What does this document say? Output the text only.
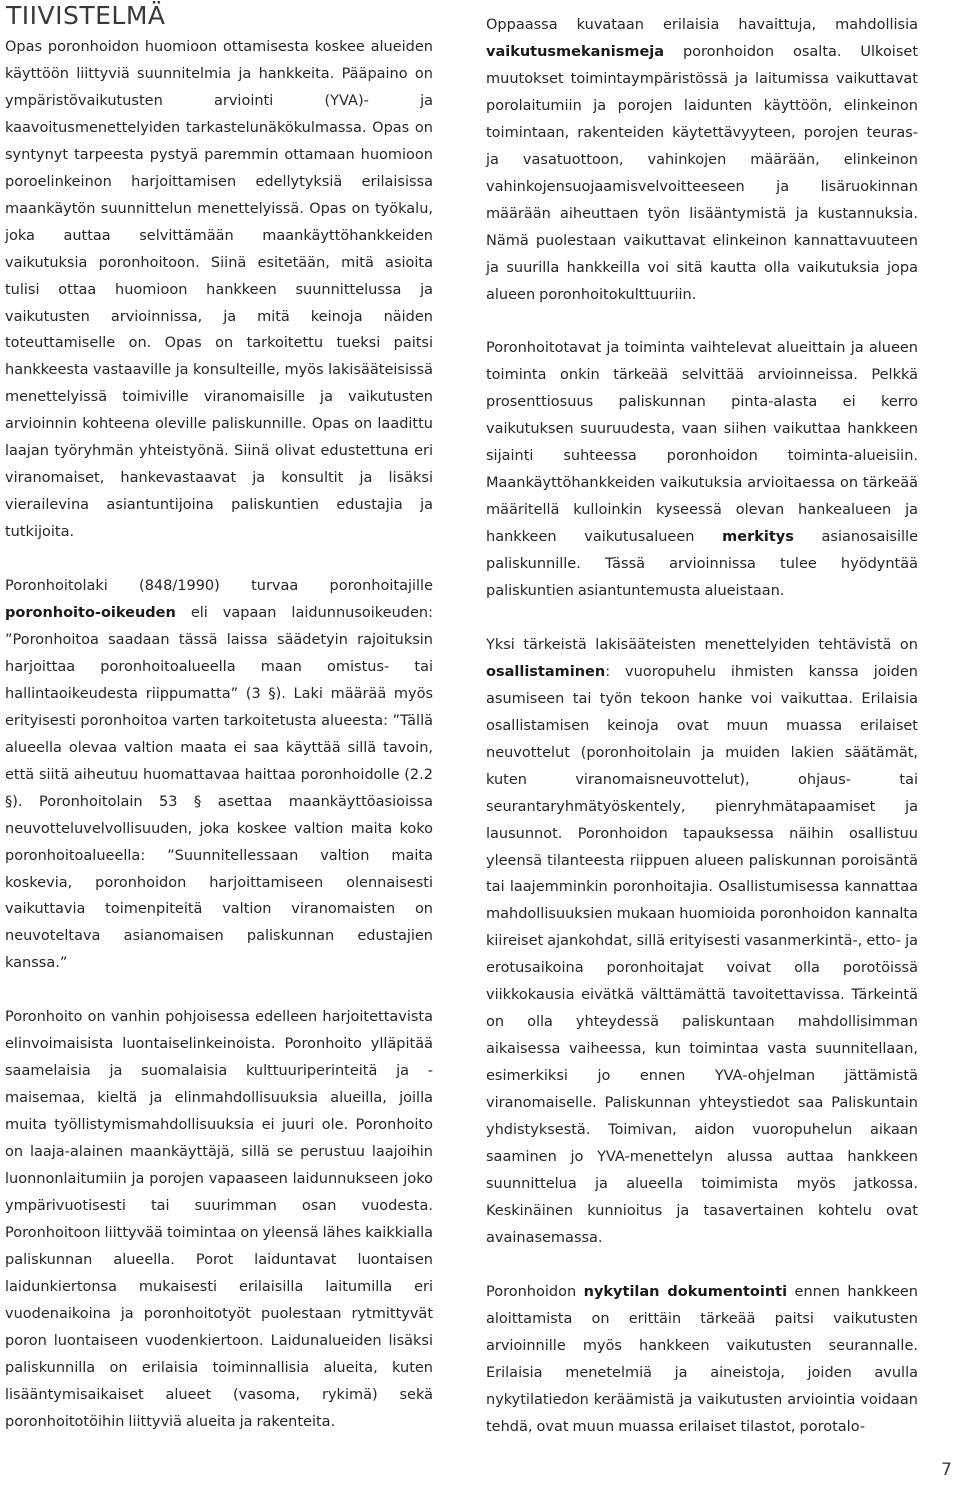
TIIVISTELMÄ

Opas poronhoidon huomioon ottamisesta koskee alueiden käyttöön liittyviä suunnitelmia ja hankkeita. Pääpaino on ympäristövaikutusten arviointi (YVA)- ja kaavoitusmenettelyiden tarkastelunäkökulmassa. Opas on syntynyt tarpeesta pystyä paremmin ottamaan huomioon poroelinkeinon harjoittamisen edellytyksiä erilaisissa maankäytön suunnittelun menettelyissä. Opas on työkalu, joka auttaa selvittämään maankäyttöhankkeiden vaikutuksia poronhoitoon. Siinä esitetään, mitä asioita tulisi ottaa huomioon hankkeen suunnittelussa ja vaikutusten arvioinnissa, ja mitä keinoja näiden toteuttamiselle on. Opas on tarkoitettu tueksi paitsi hankkeesta vastaaville ja konsulteille, myös lakisääteisissä menettelyissä toimiville viranomaisille ja vaikutusten arvioinnin kohteena oleville paliskunnille. Opas on laadittu laajan työryhmän yhteistyönä. Siinä olivat edustettuna eri viranomaiset, hankevastaavat ja konsultit ja lisäksi vierailevina asiantuntijoina paliskuntien edustajia ja tutkijoita.

Poronhoitolaki (848/1990) turvaa poronhoitajille poronhoito-oikeuden eli vapaan laidunnusoikeuden: ”Poronhoitoa saadaan tässä laissa säädetyin rajoituksin harjoittaa poronhoitoalueella maan omistus- tai hallintaoikeudesta riippumatta” (3 §). Laki määrää myös erityisesti poronhoitoa varten tarkoitetusta alueesta: ”Tällä alueella olevaa valtion maata ei saa käyttää sillä tavoin, että siitä aiheutuu huomattavaa haittaa poronhoidolle (2.2 §). Poronhoitolain 53 § asettaa maankäyttöasioissa neuvotteluvelvollisuuden, joka koskee valtion maita koko poronhoitoalueella: ”Suunnitellessaan valtion maita koskevia, poronhoidon harjoittamiseen olennaisesti vaikuttavia toimenpiteitä valtion viranomaisten on neuvoteltava asianomaisen paliskunnan edustajien kanssa.”

Poronhoito on vanhin pohjoisessa edelleen harjoitettavista elinvoimaisista luontaiselinkeinoista. Poronhoito ylläpitää saamelaisia ja suomalaisia kulttuuriperinteitä ja -maisemaa, kieltä ja elinmahdollisuuksia alueilla, joilla muita työllistymismahdollisuuksia ei juuri ole. Poronhoito on laaja-alainen maankäyttäjä, sillä se perustuu laajoihin luonnonlaitumiin ja porojen vapaaseen laidunnukseen joko ympärivuotisesti tai suurimman osan vuodesta. Poronhoitoon liittyvää toimintaa on yleensä lähes kaikkialla paliskunnan alueella. Porot laiduntavat luontaisen laidunkiertonsa mukaisesti erilaisilla laitumilla eri vuodenaikoina ja poronhoitotyöt puolestaan rytmittyvät poron luontaiseen vuodenkiertoon. Laidunalueiden lisäksi paliskunnilla on erilaisia toiminnallisia alueita, kuten lisääntymisaikaiset alueet (vasoma, rykimä) sekä poronhoitotöihin liittyviä alueita ja rakenteita.

Oppaassa kuvataan erilaisia havaittuja, mahdollisia vaikutusmekanismeja poronhoidon osalta. Ulkoiset muutokset toimintaympäristössä ja laitumissa vaikuttavat porolaitumiin ja porojen laidunten käyttöön, elinkeinon toimintaan, rakenteiden käytettävyyteen, porojen teuras- ja vasatuottoon, vahinkojen määrään, elinkeinon vahinkojensuojaamisvelvoitteeseen ja lisäruokinnan määrään aiheuttaen työn lisääntymistä ja kustannuksia. Nämä puolestaan vaikuttavat elinkeinon kannattavuuteen ja suurilla hankkeilla voi sitä kautta olla vaikutuksia jopa alueen poronhoitokulttuuriin.

Poronhoitotavat ja toiminta vaihtelevat alueittain ja alueen toiminta onkin tärkeää selvittää arvioinneissa. Pelkkä prosenttiosuus paliskunnan pinta-alasta ei kerro vaikutuksen suuruudesta, vaan siihen vaikuttaa hankkeen sijainti suhteessa poronhoidon toiminta-alueisiin. Maankäyttöhankkeiden vaikutuksia arvioitaessa on tärkeää määritellä kulloinkin kyseessä olevan hankealueen ja hankkeen vaikutusalueen merkitys asianosaisille paliskunnille. Tässä arvioinnissa tulee hyödyntää paliskuntien asiantuntemusta alueistaan.

Yksi tärkeistä lakisääteisten menettelyiden tehtävistä on osallistaminen: vuoropuhelu ihmisten kanssa joiden asumiseen tai työn tekoon hanke voi vaikuttaa. Erilaisia osallistamisen keinoja ovat muun muassa erilaiset neuvottelut (poronhoitolain ja muiden lakien säätämät, kuten viranomaisneuvottelut), ohjaus- tai seurantaryhmätyöskentely, pienryhmätapaamiset ja lausunnot. Poronhoidon tapauksessa näihin osallistuu yleensä tilanteesta riippuen alueen paliskunnan poroisäntä tai laajemminkin poronhoitajia. Osallistumisessa kannattaa mahdollisuuksien mukaan huomioida poronhoidon kannalta kiireiset ajankohdat, sillä erityisesti vasanmerkintä-, etto- ja erotusaikoina poronhoitajat voivat olla porotöissä viikkokausia eivätkä välttämättä tavoitettavissa. Tärkeintä on olla yhteydessä paliskuntaan mahdollisimman aikaisessa vaiheessa, kun toimintaa vasta suunnitellaan, esimerkiksi jo ennen YVA-ohjelman jättämistä viranomaiselle. Paliskunnan yhteystiedot saa Paliskuntain yhdistyksestä. Toimivan, aidon vuoropuhelun aikaan saaminen jo YVA-menettelyn alussa auttaa hankkeen suunnittelua ja alueella toimimista myös jatkossa. Keskinäinen kunnioitus ja tasavertainen kohtelu ovat avainasemassa.

Poronhoidon nykytilan dokumentointi ennen hankkeen aloittamista on erittäin tärkeää paitsi vaikutusten arvioinnille myös hankkeen vaikutusten seurannalle. Erilaisia menetelmiä ja aineistoja, joiden avulla nykytilatiedon keräämistä ja vaikutusten arviointia voidaan tehdä, ovat muun muassa erilaiset tilastot, porotalo-

7
